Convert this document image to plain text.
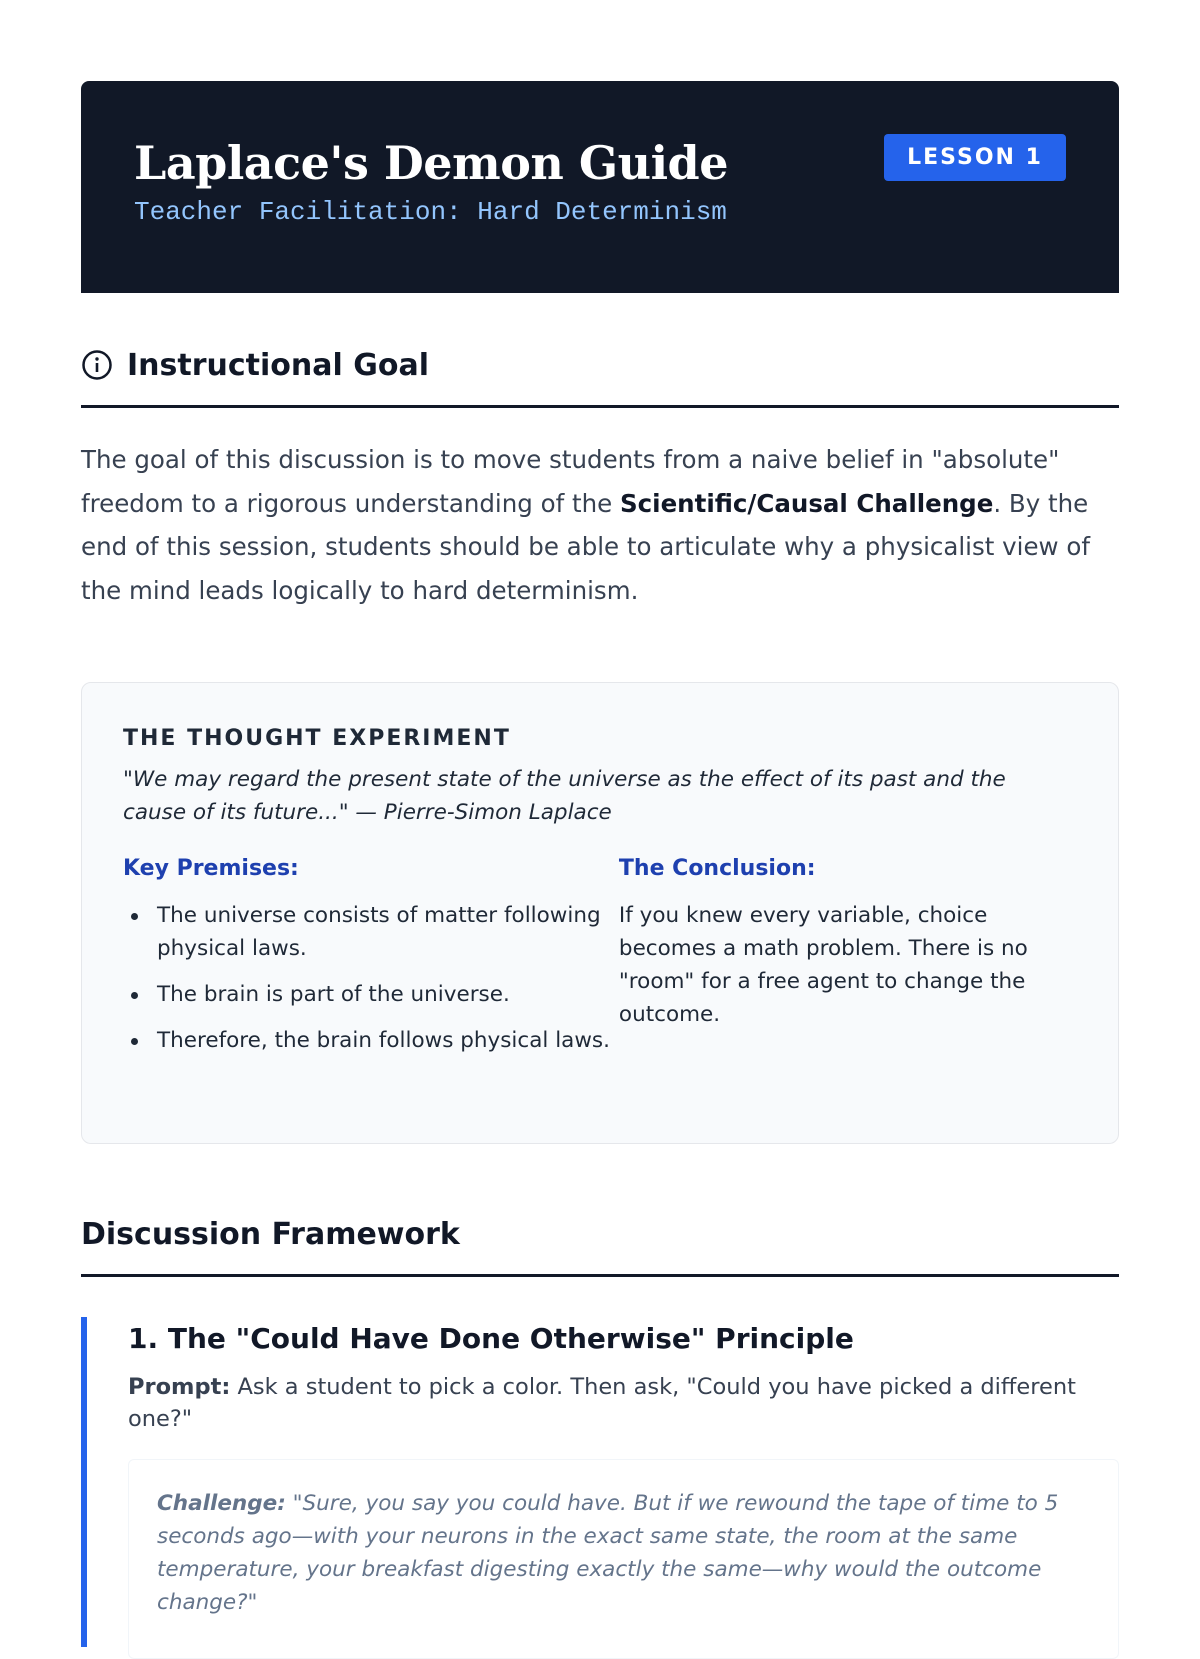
Laplace's Demon Guide
Teacher Facilitation: Hard Determinism
LESSON 1
Instructional Goal

The goal of this discussion is to move students from a naive belief in "absolute" freedom to a rigorous understanding of the Scientific/Causal Challenge. By the end of this session, students should be able to articulate why a physicalist view of the mind leads logically to hard determinism.

THE THOUGHT EXPERIMENT
"We may regard the present state of the universe as the effect of its past and the cause of its future..." — Pierre-Simon Laplace
Key Premises:
The universe consists of matter following physical laws.
The brain is part of the universe.
Therefore, the brain follows physical laws.
The Conclusion:

If you knew every variable, choice becomes a math problem. There is no "room" for a free agent to change the outcome.

Discussion Framework
1. The "Could Have Done Otherwise" Principle

Prompt: Ask a student to pick a color. Then ask, "Could you have picked a different one?"

Challenge: "Sure, you say you could have. But if we rewound the tape of time to 5 seconds ago—with your neurons in the exact same state, the room at the same temperature, your breakfast digesting exactly the same—why would the outcome change?"
